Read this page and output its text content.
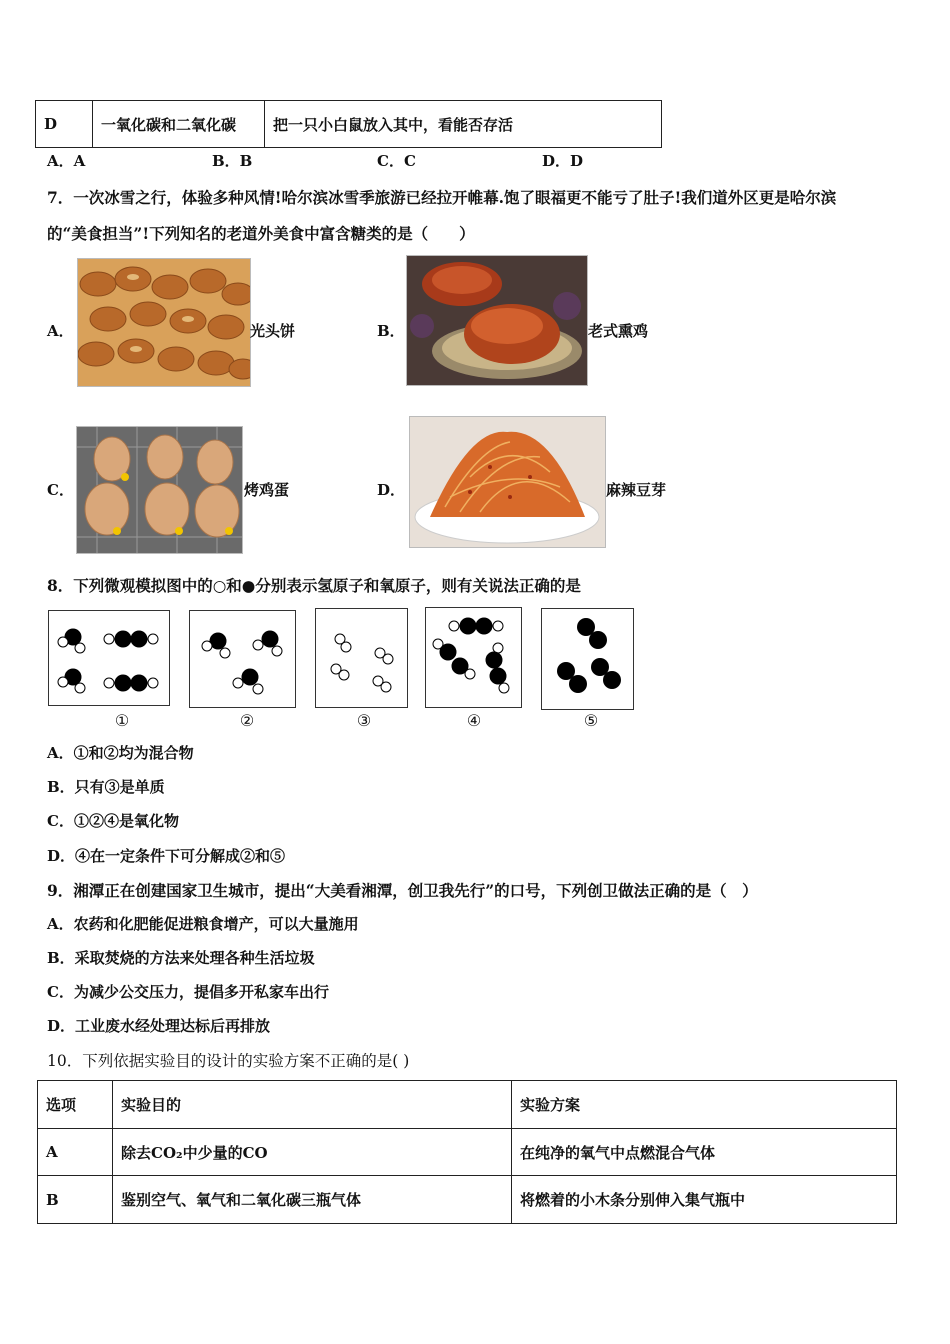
D	一氧化碳和二氧化碳	把一只小白鼠放入其中，看能否存活
A．A	B．B	C．C	D．D
7．一次冰雪之行，体验多种风情!哈尔滨冰雪季旅游已经拉开帷幕.饱了眼福更不能亏了肚子!我们道外区更是哈尔滨
的“美食担当”!下列知名的老道外美食中富含糖类的是（　　）
A．	光头饼	B．	老式熏鸡
C．	烤鸡蛋	D．	麻辣豆芽
8．下列微观模拟图中的○和●分别表示氢原子和氧原子，则有关说法正确的是
①	②	③	④	⑤
A．①和②均为混合物
B．只有③是单质
C．①②④是氧化物
D．④在一定条件下可分解成②和⑤
9．湘潭正在创建国家卫生城市，提出“大美看湘潭，创卫我先行”的口号，下列创卫做法正确的是（　）
A．农药和化肥能促进粮食增产，可以大量施用
B．采取焚烧的方法来处理各种生活垃圾
C．为减少公交压力，提倡多开私家车出行
D．工业废水经处理达标后再排放
10．下列依据实验目的设计的实验方案不正确的是( )
选项	实验目的	实验方案
A	除去CO₂中少量的CO	在纯净的氧气中点燃混合气体
B	鉴别空气、氧气和二氧化碳三瓶气体	将燃着的小木条分别伸入集气瓶中
